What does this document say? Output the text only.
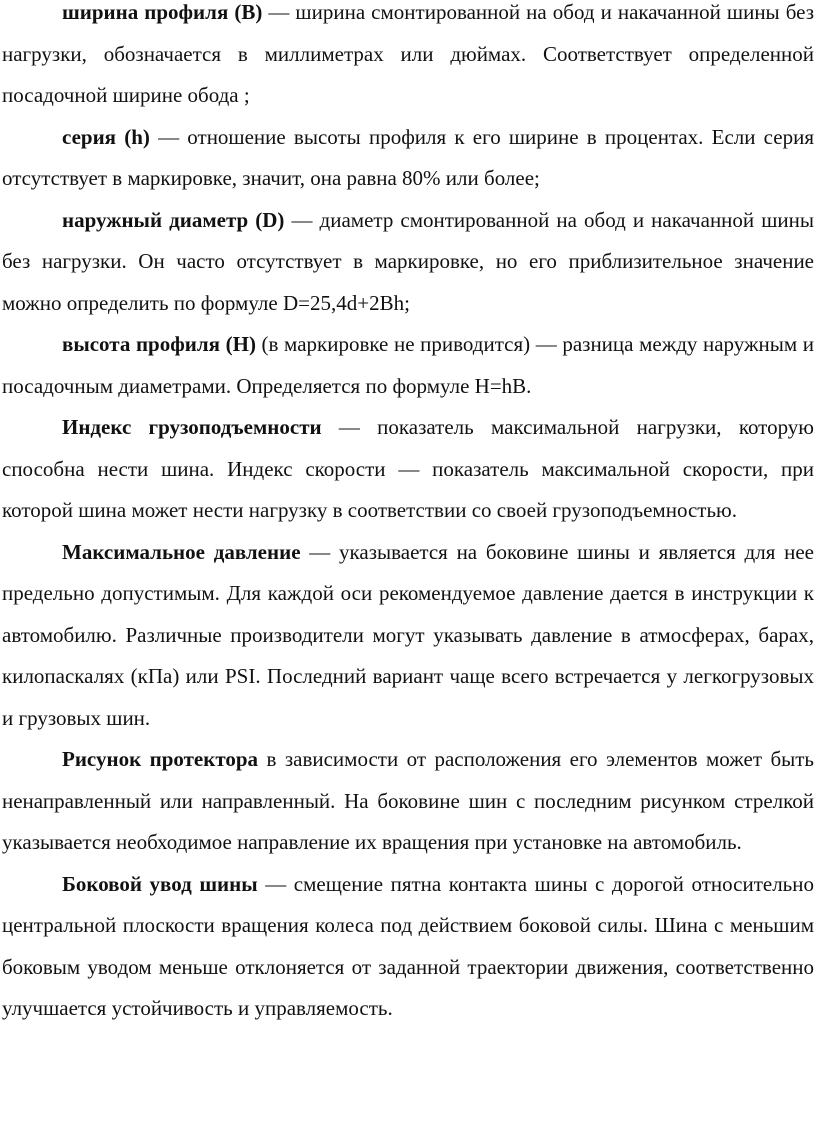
ширина профиля (B) — ширина смонтированной на обод и накачанной шины без нагрузки, обозначается в миллиметрах или дюймах. Соответствует определенной посадочной ширине обода ;

серия (h) — отношение высоты профиля к его ширине в процентах. Если серия отсутствует в маркировке, значит, она равна 80% или более;

наружный диаметр (D) — диаметр смонтированной на обод и накачанной шины без нагрузки. Он часто отсутствует в маркировке, но его приблизительное значение можно определить по формуле D=25,4d+2Bh;

высота профиля (H) (в маркировке не приводится) — разница между наружным и посадочным диаметрами. Определяется по формуле H=hB.

Индекс грузоподъемности — показатель максимальной нагрузки, которую способна нести шина. Индекс скорости — показатель максимальной скорости, при которой шина может нести нагрузку в соответствии со своей грузоподъемностью.

Максимальное давление — указывается на боковине шины и является для нее предельно допустимым. Для каждой оси рекомендуемое давление дается в инструкции к автомобилю. Различные производители могут указывать давление в атмосферах, барах, килопаскалях (кПа) или PSI. Последний вариант чаще всего встречается у легкогрузовых и грузовых шин.

Рисунок протектора в зависимости от расположения его элементов может быть ненаправленный или направленный. На боковине шин с последним рисунком стрелкой указывается необходимое направление их вращения при установке на автомобиль.

Боковой увод шины — смещение пятна контакта шины с дорогой относительно центральной плоскости вращения колеса под действием боковой силы. Шина с меньшим боковым уводом меньше отклоняется от заданной траектории движения, соответственно улучшается устойчивость и управляемость.
